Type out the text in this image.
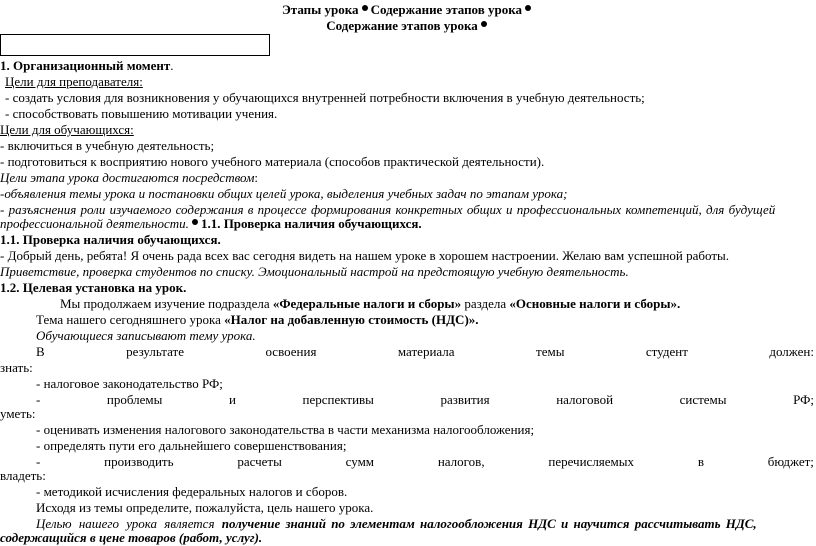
Этапы урока Содержание этапов урока
Содержание этапов урока
1. Организационный момент.
Цели для преподавателя:
- создать условия для возникновения у обучающихся внутренней потребности включения в учебную деятельность;
- способствовать повышению мотивации учения.
Цели для обучающихся:
- включиться в учебную деятельность;
- подготовиться к восприятию нового учебного материала (способов практической деятельности).
Цели этапа урока достигаются посредством:
-объявления темы урока и постановки общих целей урока, выделения учебных задач по этапам урока;
- разъяснения роли изучаемого содержания в процессе формирования конкретных общих и профессиональных компетенций, для будущей
профессиональной деятельности. 1.1. Проверка наличия обучающихся.
1.1. Проверка наличия обучающихся.
- Добрый день, ребята! Я очень рада всех вас сегодня видеть на нашем уроке в хорошем настроении. Желаю вам успешной работы.
Приветствие, проверка студентов по списку. Эмоциональный настрой на предстоящую учебную деятельность.
1.2. Целевая установка на урок.
Мы продолжаем изучение подраздела «Федеральные налоги и сборы» раздела «Основные налоги и сборы».
Тема нашего сегодняшнего урока «Налог на добавленную стоимость (НДС)».
Обучающиеся записывают тему урока.
В	результате	освоения	материала	темы	студент	должен:
знать:
- налоговое законодательство РФ;
-	проблемы	и	перспективы	развития	налоговой	системы	РФ;
уметь:
- оценивать изменения налогового законодательства в части механизма налогообложения;
- определять пути его дальнейшего совершенствования;
-	производить	расчеты	сумм	налогов,	перечисляемых	в	бюджет;
владеть:
- методикой исчисления федеральных налогов и сборов.
Исходя из темы определите, пожалуйста, цель нашего урока.
Целью нашего урока является получение знаний по элементам налогообложения НДС и научится рассчитывать НДС,
содержащийся в цене товаров (работ, услуг).
